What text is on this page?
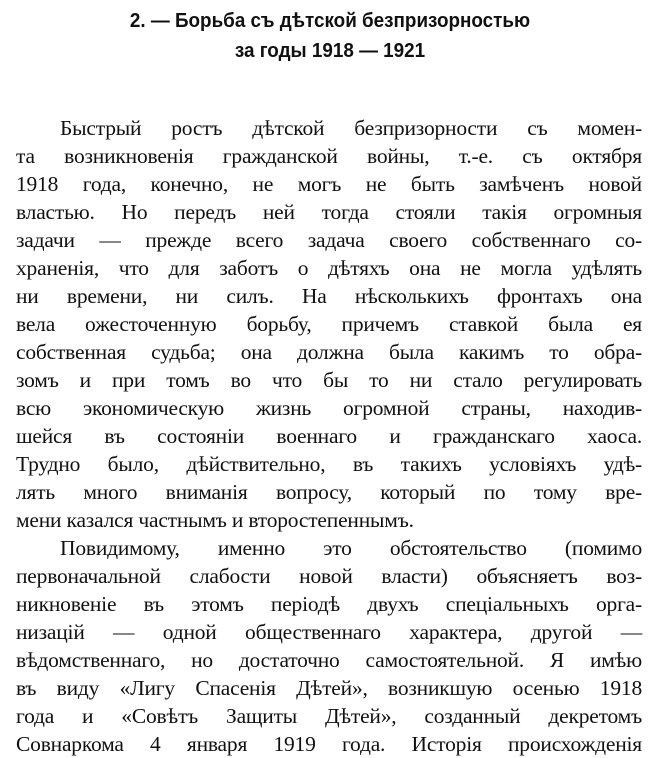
2. — Борьба съ дѣтской безпризорностью
за годы 1918 — 1921
Быстрый ростъ дѣтской безпризорности съ момен-
та возникновенія гражданской войны, т.-е. съ октября
1918 года, конечно, не могъ не быть замѣченъ новой
властью. Но передъ ней тогда стояли такія огромныя
задачи — прежде всего задача своего собственнаго со-
храненія, что для заботъ о дѣтяхъ она не могла удѣлять
ни времени, ни силъ. На нѣсколькихъ фронтахъ она
вела ожесточенную борьбу, причемъ ставкой была ея
собственная судьба; она должна была какимъ то обра-
зомъ и при томъ во что бы то ни стало регулировать
всю экономическую жизнь огромной страны, находив-
шейся въ состояніи военнаго и гражданскаго хаоса.
Трудно было, дѣйствительно, въ такихъ условіяхъ удѣ-
лять много вниманія вопросу, который по тому вре-
мени казался частнымъ и второстепеннымъ.
Повидимому, именно это обстоятельство (помимо
первоначальной слабости новой власти) объясняетъ воз-
никновеніе въ этомъ періодѣ двухъ спеціальныхъ орга-
низацій — одной общественнаго характера, другой —
вѣдомственнаго, но достаточно самостоятельной. Я имѣю
въ виду «Лигу Спасенія Дѣтей», возникшую осенью 1918
года и «Совѣтъ Защиты Дѣтей», созданный декретомъ
Совнаркома 4 января 1919 года. Исторія происхожденія
